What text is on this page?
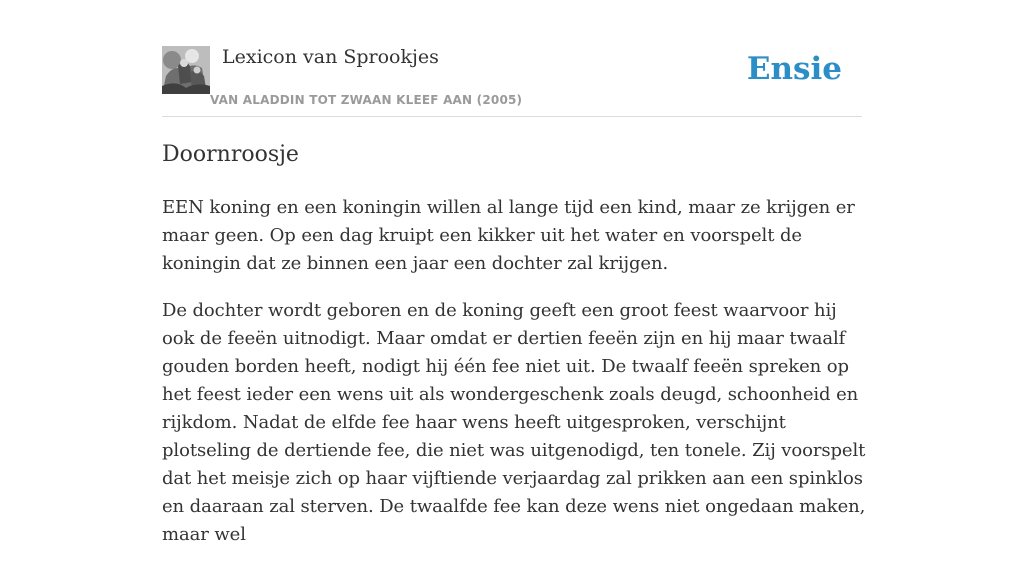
Lexicon van Sprookjes
VAN ALADDIN TOT ZWAAN KLEEF AAN (2005)
Ensie
Doornroosje

EEN koning en een koningin willen al lange tijd een kind, maar ze krijgen er maar geen. Op een dag kruipt een kikker uit het water en voorspelt de koningin dat ze binnen een jaar een dochter zal krijgen.

De dochter wordt geboren en de koning geeft een groot feest waarvoor hij ook de feeën uitnodigt. Maar omdat er dertien feeën zijn en hij maar twaalf gouden borden heeft, nodigt hij één fee niet uit. De twaalf feeën spreken op het feest ieder een wens uit als wondergeschenk zoals deugd, schoonheid en rijkdom. Nadat de elfde fee haar wens heeft uitgesproken, verschijnt plotseling de dertiende fee, die niet was uitgenodigd, ten tonele. Zij voorspelt dat het meisje zich op haar vijftiende verjaardag zal prikken aan een spinklos en daaraan zal sterven. De twaalfde fee kan deze wens niet ongedaan maken, maar wel
